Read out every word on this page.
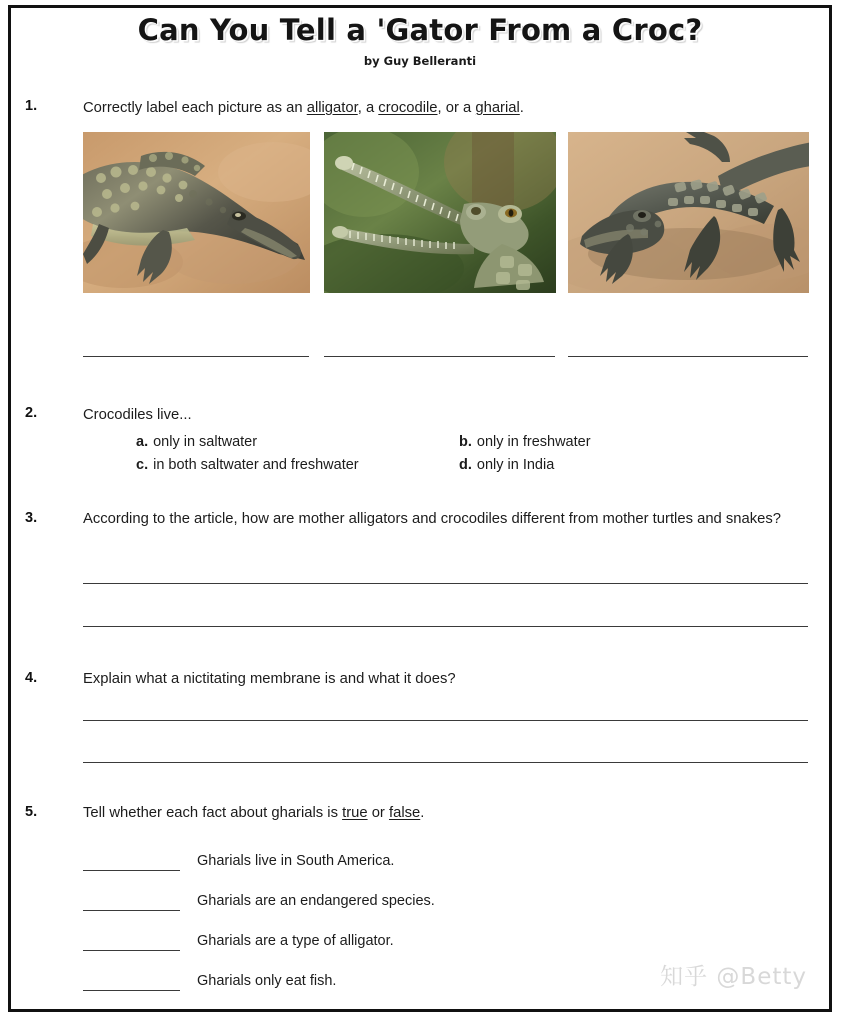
Can You Tell a 'Gator From a Croc?
by Guy Belleranti
1.	Correctly label each picture as an alligator, a crocodile, or a gharial.
2.	Crocodiles live...
a. only in saltwater	b. only in freshwater
c. in both saltwater and freshwater	d. only in India
3.	According to the article, how are mother alligators and crocodiles different from mother turtles and snakes?
4.	Explain what a nictitating membrane is and what it does?
5.	Tell whether each fact about gharials is true or false.
Gharials live in South America.
Gharials are an endangered species.
Gharials are a type of alligator.
Gharials only eat fish.	知乎 @Betty
